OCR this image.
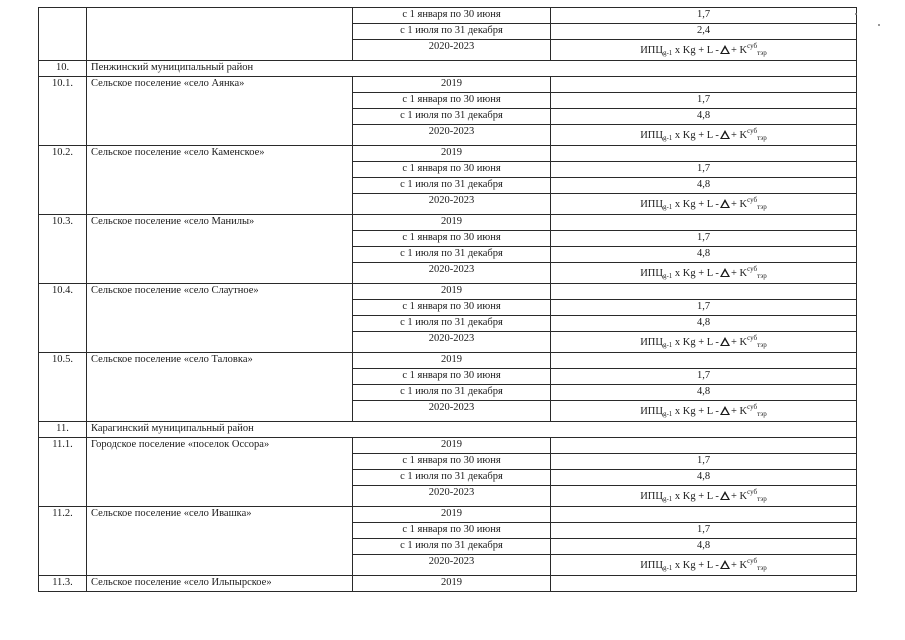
		с 1 января по 30 июня	1,7
		с 1 июля по 31 декабря	2,4
		2020-2023	$ИПЦ_{g-1}$ x Kg + L - + $K^{суб}_{тэр}$
10.	Пенжинский муниципальный район		
10.1.	Сельское поселение «село Аянка»	2019	
		с 1 января по 30 июня	1,7
		с 1 июля по 31 декабря	4,8
		2020-2023	$ИПЦ_{g-1}$ x Kg + L - + $K^{суб}_{тэр}$
10.2.	Сельское поселение «село Каменское»	2019	
		с 1 января по 30 июня	1,7
		с 1 июля по 31 декабря	4,8
		2020-2023	$ИПЦ_{g-1}$ x Kg + L - + $K^{суб}_{тэр}$
10.3.	Сельское поселение «село Манилы»	2019	
		с 1 января по 30 июня	1,7
		с 1 июля по 31 декабря	4,8
		2020-2023	$ИПЦ_{g-1}$ x Kg + L - + $K^{суб}_{тэр}$
10.4.	Сельское поселение «село Слаутное»	2019	
		с 1 января по 30 июня	1,7
		с 1 июля по 31 декабря	4,8
		2020-2023	$ИПЦ_{g-1}$ x Kg + L - + $K^{суб}_{тэр}$
10.5.	Сельское поселение «село Таловка»	2019	
		с 1 января по 30 июня	1,7
		с 1 июля по 31 декабря	4,8
		2020-2023	$ИПЦ_{g-1}$ x Kg + L - + $K^{суб}_{тэр}$
11.	Карагинский муниципальный район		
11.1.	Городское поселение «поселок Оссора»	2019	
		с 1 января по 30 июня	1,7
		с 1 июля по 31 декабря	4,8
		2020-2023	$ИПЦ_{g-1}$ x Kg + L - + $K^{суб}_{тэр}$
11.2.	Сельское поселение «село Ивашка»	2019	
		с 1 января по 30 июня	1,7
		с 1 июля по 31 декабря	4,8
		2020-2023	$ИПЦ_{g-1}$ x Kg + L - + $K^{суб}_{тэр}$
11.3.	Сельское поселение «село Ильпырское»	2019	
